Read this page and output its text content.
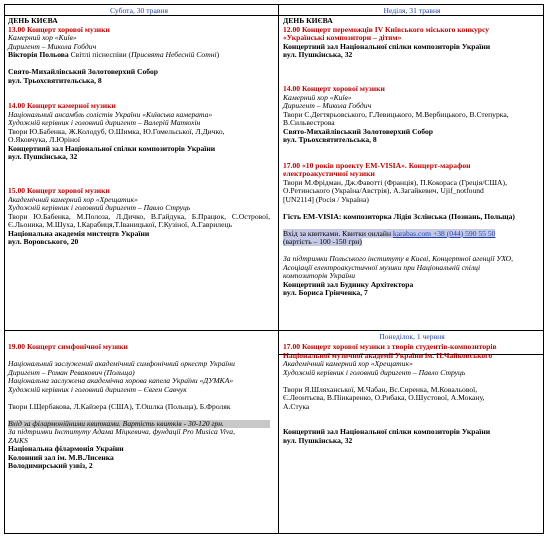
Субота, 30 травня
ДЕНЬ КИЄВА
13.00 Концерт хорової музики
Камерний хор «Київ»
Диригент – Микола Гобдич
Вікторія Польова Світлі піснеспіви (Присвята Небесній Сотні)
Свято-Михайлівський Золотоверхий Собор
вул. Трьохсвятительська, 8
14.00 Концерт камерної музики
Національний ансамбль солістів України «Київська камерата»
Художній керівник і головний диригент – Валерій Матюхін
Твори Ю.Бабенка, Ж.Колодуб, О.Шимка, Ю.Гомельської, Л.Дичко,
О.Яковчука, Л.Юріної
Концертний зал Національної спілки композиторів України
вул. Пушкінська, 32
15.00 Концерт хорової музики
Академічний камерний хор «Хрещатик»
Художній керівник і головний диригент – Павло Струць
Твори Ю.Бабенка, М.Полоза, Л.Дичко, В.Гайдука, Б.Працюк, С.Острової, Є.Льоника, М.Шуха, І.Карабиця,Т.Іваницької, Г.Кузіної, А.Гаврилець
Національна академія мистецтв України
вул. Воровського, 20
19.00 Концерт симфонічної музики
Національний заслужений академічний симфонічний оркестр України
Диригент – Роман Ревакович (Польща)
Національна заслужена академічна хорова капела України «ДУМКА»
Художній керівник і головний диригент – Євген Савчук
Твори І.Щербакова, Л.Кайзера (США), Т.Ошлка (Польща), Б.Фроляк
Вхід за філармонійними квитками. Вартість квитків - 30-120 грн.
За підтримки Інституту Адама Міцкевича, фундації Pro Musica Viva,
ZAiKS
Національна філармонія України
Колонний зал ім. М.В.Лисенка
Володимирський узвіз, 2
Неділя, 31 травня
ДЕНЬ КИЄВА
12.00 Концерт переможців IV Київського міського конкурсу
«Українські композитори – дітям»
Концертний зал Національної спілки композиторів України
вул. Пушкінська, 32
14.00 Концерт хорової музики
Камерний хор «Київ»
Диригент – Микола Гобдич
Твори С.Дегтярьовського, Г.Левицького, М.Вербицького, В.Степурка,
В.Сильвестрова
Свято-Михайлівський Золотоверхий Собор
вул. Трьохсвятительська, 8
17.00 «10 років проекту EM-VISIA». Концерт-марафон
електроакустичної музики
Твори М.Фрідман, Дж.Фавотті (Франція), П.Кокораса (Греція/США),
О.Ретинського (Україна/Австрія), А.Загайкевич, Ujif_notfound
[UN2114] (Росія / Україна)
Гість EM-VISIA: композиторка Лідія Зєлінська (Познань, Польща)
Вхід за квитками. Квитки онлайн karabas.com +38 (044) 590 55 50
(вартість – 100 -150 грн)
За підтримки Польського інституту в Києві, Концертної агенції УХО,
Асоціації електроакустичної музики при Національній спілці
композиторів України
Концертний зал Будинку Архітектора
вул. Бориса Грінченка, 7
Понеділок, 1 червня
17.00 Концерт хорової музики з творів студентів-композиторів
Національної музичної академії України ім. П.Чайковського
Академічний камерний хор «Хрещатик»
Художній керівник і головний диригент – Павло Струць
Твори Я.Шляханської, М.Чабан, Вс.Сиренка, М.Ковальової,
Є.Леонтьєва, В.Пінкаренко, О.Рибака, О.Шустової, А.Мокану,
А.Стука
Концертний зал Національної спілки композиторів України
вул. Пушкінська, 32
